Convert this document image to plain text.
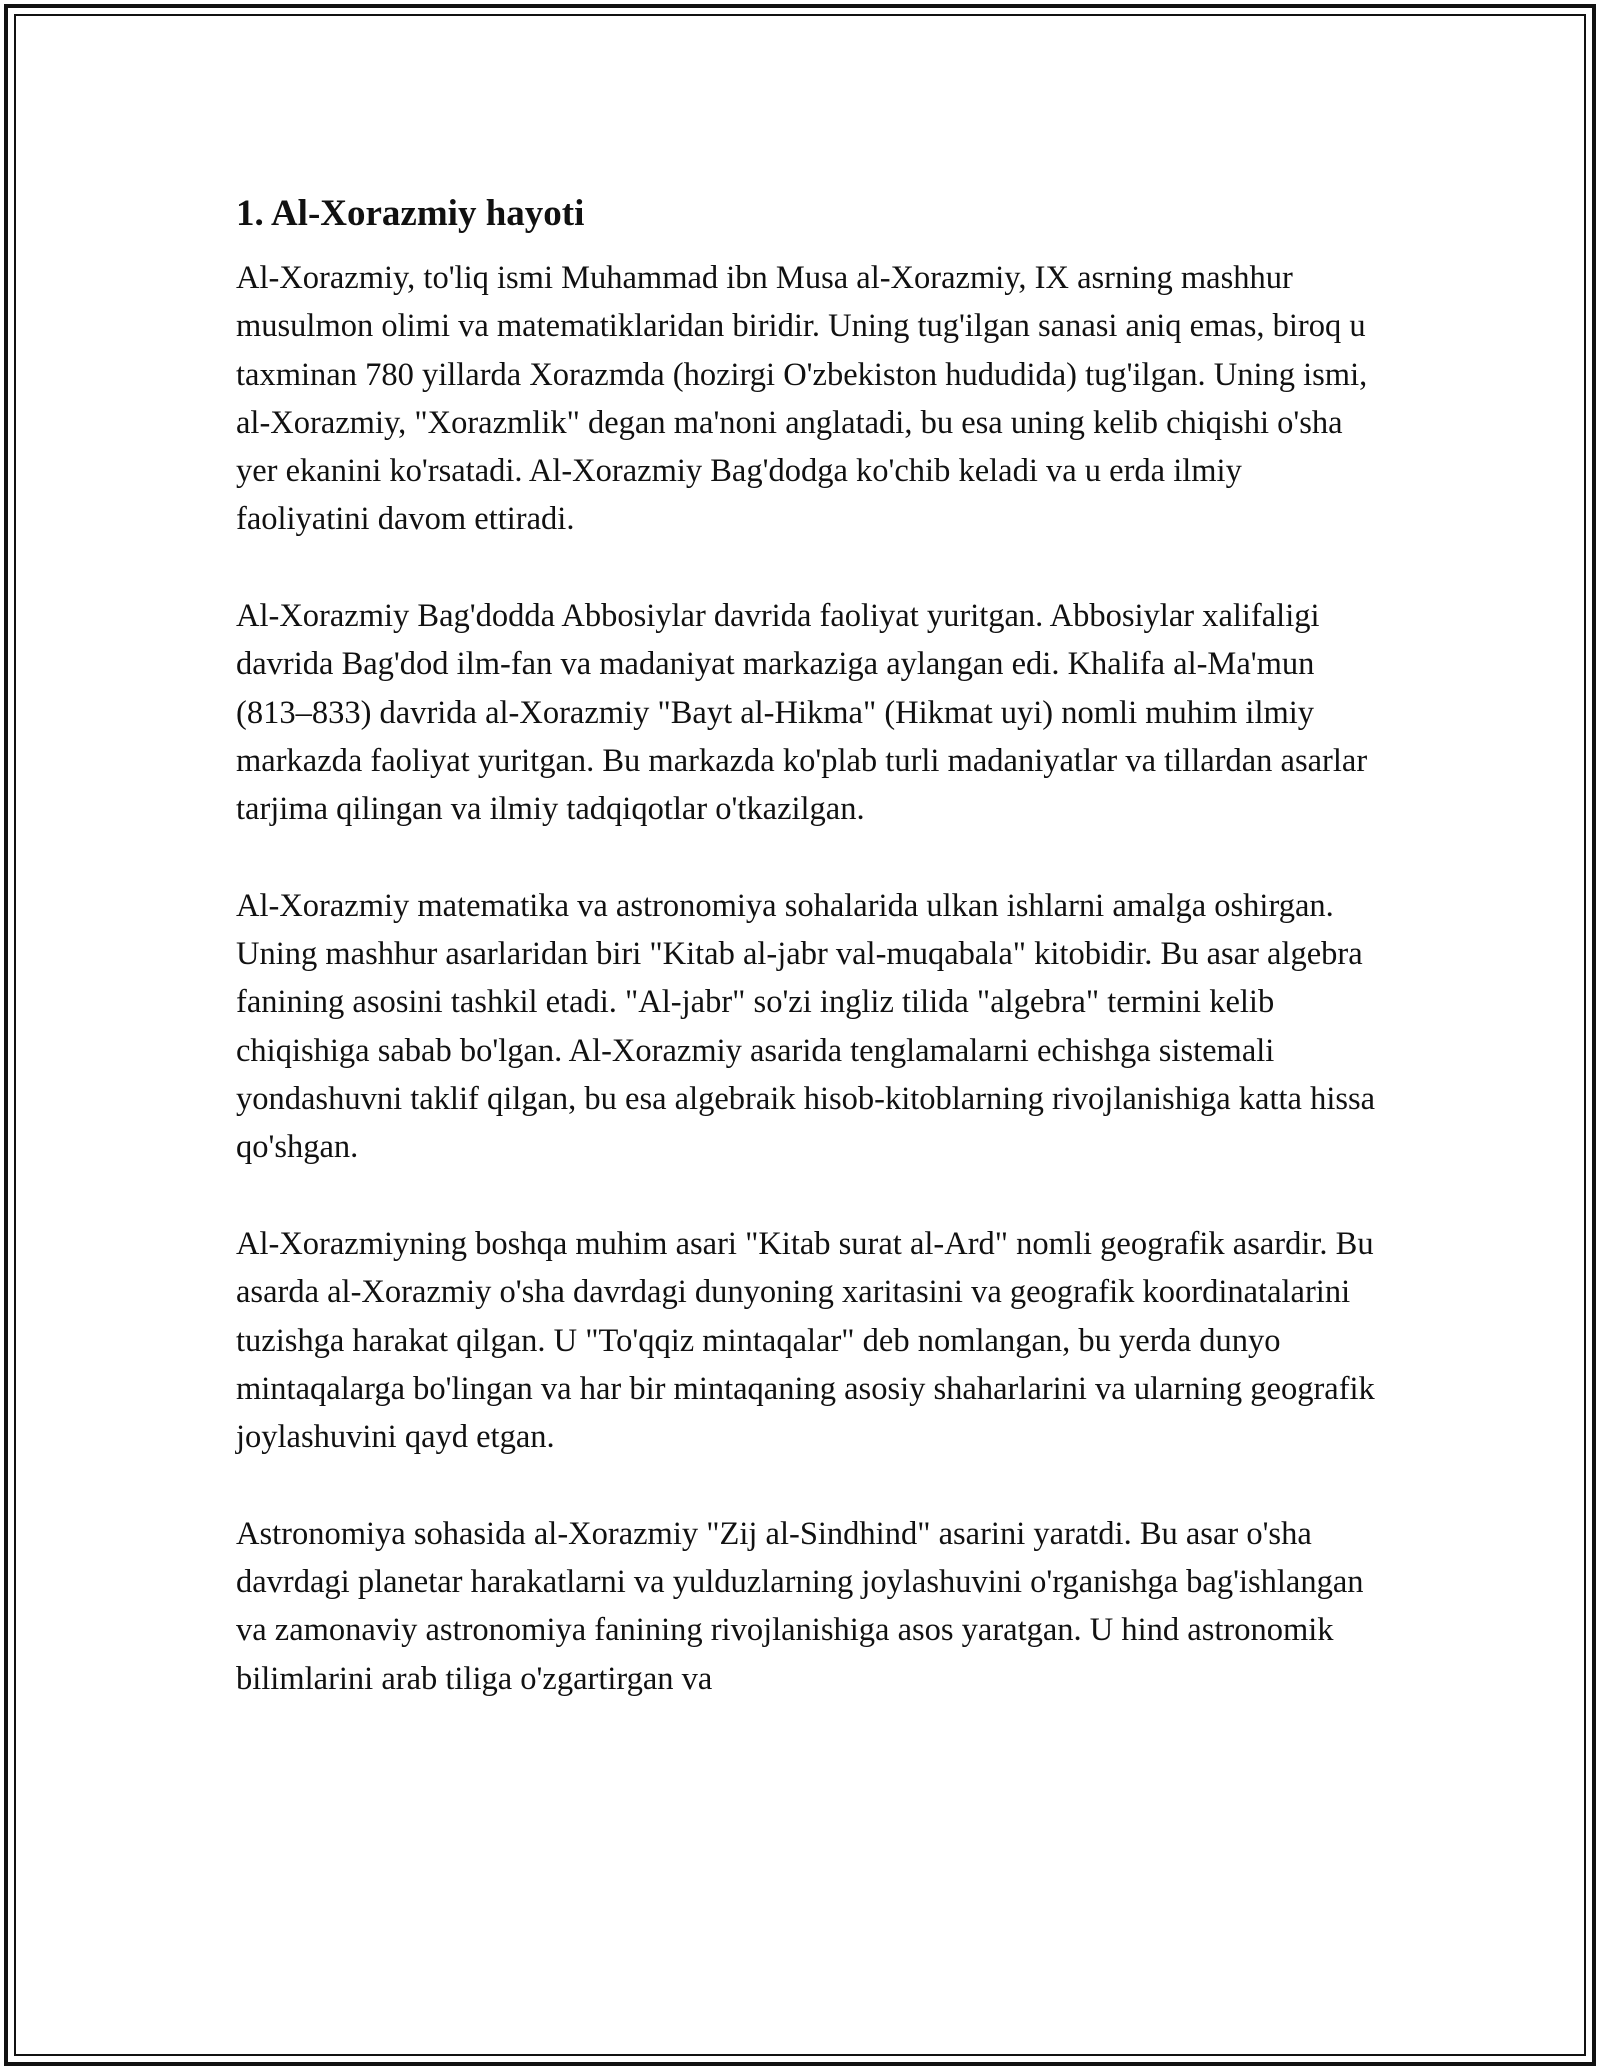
1. Al-Xorazmiy hayoti

Al-Xorazmiy, to'liq ismi Muhammad ibn Musa al-Xorazmiy, IX asrning mashhur musulmon olimi va matematiklaridan biridir. Uning tug'ilgan sanasi aniq emas, biroq u taxminan 780 yillarda Xorazmda (hozirgi O'zbekiston hududida) tug'ilgan. Uning ismi, al-Xorazmiy, "Xorazmlik" degan ma'noni anglatadi, bu esa uning kelib chiqishi o'sha yer ekanini ko'rsatadi. Al-Xorazmiy Bag'dodga ko'chib keladi va u erda ilmiy faoliyatini davom ettiradi.

Al-Xorazmiy Bag'dodda Abbosiylar davrida faoliyat yuritgan. Abbosiylar xalifaligi davrida Bag'dod ilm-fan va madaniyat markaziga aylangan edi. Khalifa al-Ma'mun (813–833) davrida al-Xorazmiy "Bayt al-Hikma" (Hikmat uyi) nomli muhim ilmiy markazda faoliyat yuritgan. Bu markazda ko'plab turli madaniyatlar va tillardan asarlar tarjima qilingan va ilmiy tadqiqotlar o'tkazilgan.

Al-Xorazmiy matematika va astronomiya sohalarida ulkan ishlarni amalga oshirgan. Uning mashhur asarlaridan biri "Kitab al-jabr val-muqabala" kitobidir. Bu asar algebra fanining asosini tashkil etadi. "Al-jabr" so'zi ingliz tilida "algebra" termini kelib chiqishiga sabab bo'lgan. Al-Xorazmiy asarida tenglamalarni echishga sistemali yondashuvni taklif qilgan, bu esa algebraik hisob-kitoblarning rivojlanishiga katta hissa qo'shgan.

Al-Xorazmiyning boshqa muhim asari "Kitab surat al-Ard" nomli geografik asardir. Bu asarda al-Xorazmiy o'sha davrdagi dunyoning xaritasini va geografik koordinatalarini tuzishga harakat qilgan. U "To'qqiz mintaqalar" deb nomlangan, bu yerda dunyo mintaqalarga bo'lingan va har bir mintaqaning asosiy shaharlarini va ularning geografik joylashuvini qayd etgan.

Astronomiya sohasida al-Xorazmiy "Zij al-Sindhind" asarini yaratdi. Bu asar o'sha davrdagi planetar harakatlarni va yulduzlarning joylashuvini o'rganishga bag'ishlangan va zamonaviy astronomiya fanining rivojlanishiga asos yaratgan. U hind astronomik bilimlarini arab tiliga o'zgartirgan va
